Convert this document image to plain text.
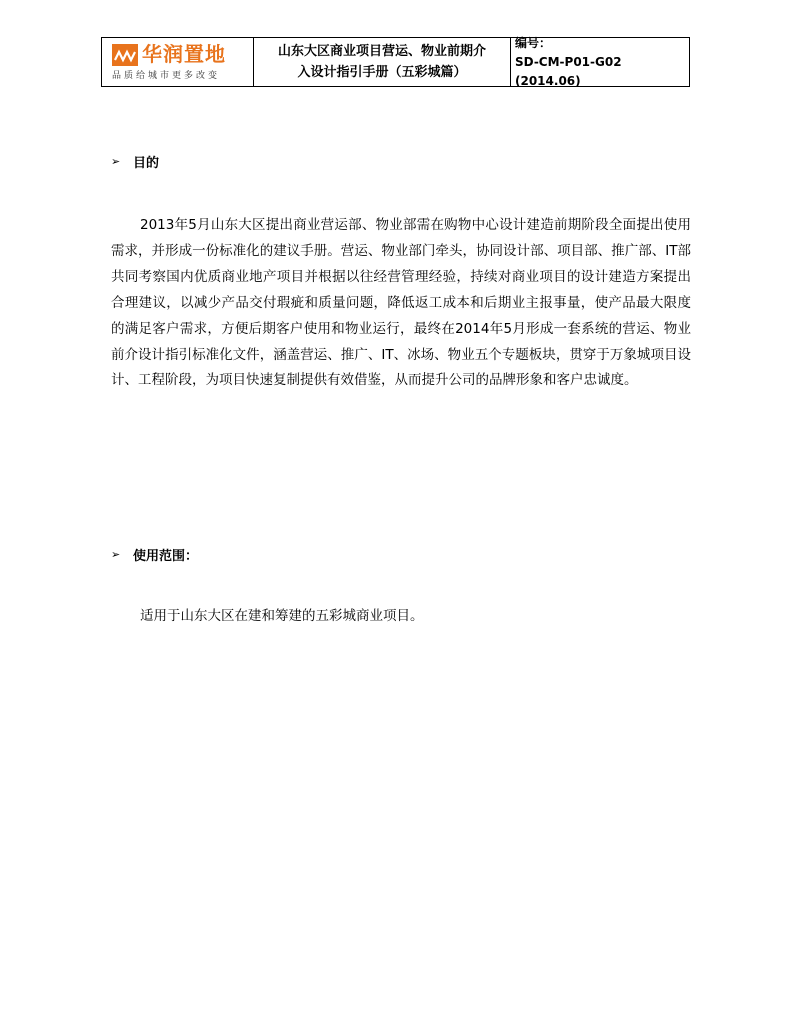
华润置地
品质给城市更多改变
山东大区商业项目营运、物业前期介
入设计指引手册（五彩城篇）
编号：
SD-CM-P01-G02 (2014.06)
➢ 目的
2013年5月山东大区提出商业营运部、物业部需在购物中心设计建造前期阶段全面提出使用需求，并形成一份标准化的建议手册。营运、物业部门牵头，协同设计部、项目部、推广部、IT部共同考察国内优质商业地产项目并根据以往经营管理经验，持续对商业项目的设计建造方案提出合理建议，以减少产品交付瑕疵和质量问题，降低返工成本和后期业主报事量，使产品最大限度的满足客户需求，方便后期客户使用和物业运行，最终在2014年5月形成一套系统的营运、物业前介设计指引标准化文件，涵盖营运、推广、IT、冰场、物业五个专题板块，贯穿于万象城项目设计、工程阶段，为项目快速复制提供有效借鉴，从而提升公司的品牌形象和客户忠诚度。
➢ 使用范围：
适用于山东大区在建和筹建的五彩城商业项目。
